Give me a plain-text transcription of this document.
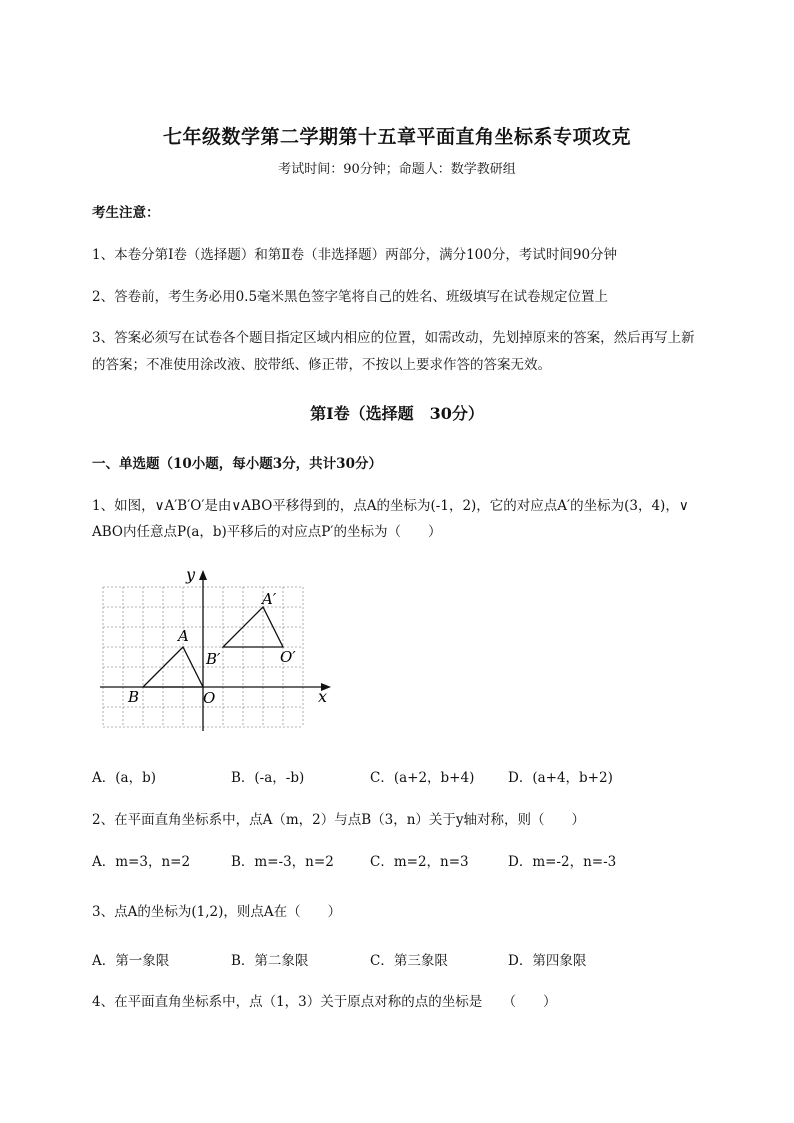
七年级数学第二学期第十五章平面直角坐标系专项攻克
考试时间：90分钟；命题人：数学教研组
考生注意：
1、本卷分第I卷（选择题）和第Ⅱ卷（非选择题）两部分，满分100分，考试时间90分钟
2、答卷前，考生务必用0.5毫米黑色签字笔将自己的姓名、班级填写在试卷规定位置上
3、答案必须写在试卷各个题目指定区域内相应的位置，如需改动，先划掉原来的答案，然后再写上新
的答案；不准使用涂改液、胶带纸、修正带，不按以上要求作答的答案无效。
第I卷（选择题　30分）
一、单选题（10小题，每小题3分，共计30分）
1、如图，∨A′B′O′是由∨ABO平移得到的，点A的坐标为(-1，2)，它的对应点A′的坐标为(3，4)，∨
ABO内任意点P(a，b)平移后的对应点P′的坐标为（　　）
x
y
A
B	O
A′
B′	O′
A．(a，b)	B．(-a，-b)	C．(a+2，b+4) D．(a+4，b+2)
2、在平面直角坐标系中，点A（m，2）与点B（3，n）关于y轴对称，则（　　）
A．m=3，n=2	B．m=-3，n=2	C．m=2，n=3	D．m=-2，n=-3
3、点A的坐标为(1,2)，则点A在（　　）
A．第一象限	B．第二象限	C．第三象限	D．第四象限
4、在平面直角坐标系中，点（1，3）关于原点对称的点的坐标是　　（　　）
